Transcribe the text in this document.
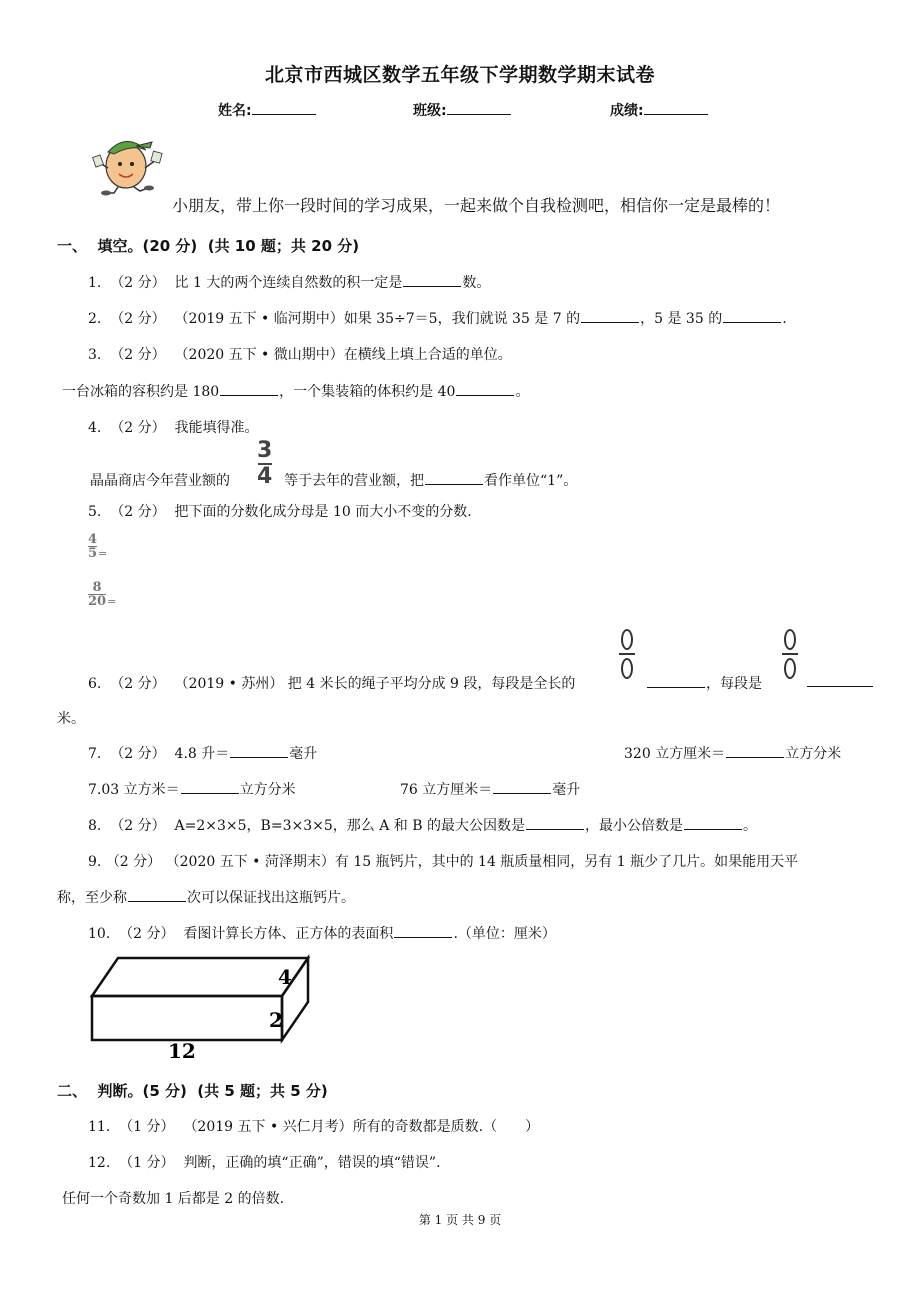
北京市西城区数学五年级下学期数学期末试卷
姓名:	班级:	成绩:
小朋友，带上你一段时间的学习成果，一起来做个自我检测吧，相信你一定是最棒的！
一、 填空。(20 分) (共 10 题；共 20 分)
1. （2 分） 比 1 大的两个连续自然数的积一定是	数。
2. （2 分） （2019 五下 • 临河期中）如果 35÷7＝5，我们就说 35 是 7 的	，5 是 35 的	.
3. （2 分） （2020 五下 • 微山期中）在横线上填上合适的单位。
一台冰箱的容积约是 180	，一个集装箱的体积约是 40	。
4. （2 分） 我能填得准。
晶晶商店今年营业额的
3
4 等于去年的营业额，把	看作单位“1”。
5. （2 分） 把下面的分数化成分母是 10 而大小不变的分数.
$\frac{4}{5}$ =
$\frac{8}{20}$ =
6. （2 分） （2019 • 苏州） 把 4 米长的绳子平均分成 9 段，每段是全长的	，每段是
米。
7. （2 分） 4.8 升＝	毫升	320 立方厘米＝	立方分米
7.03 立方米＝	立方分米	76 立方厘米＝	毫升
8. （2 分） A=2×3×5，B=3×3×5，那么 A 和 B 的最大公因数是	，最小公倍数是	。
9. （2 分） （2020 五下 • 菏泽期末）有 15 瓶钙片，其中的 14 瓶质量相同，另有 1 瓶少了几片。如果能用天平
称，至少称	次可以保证找出这瓶钙片。
10. （2 分） 看图计算长方体、正方体的表面积	.（单位：厘米）
4
2
12
二、 判断。(5 分) (共 5 题；共 5 分)
11. （1 分） （2019 五下 • 兴仁月考）所有的奇数都是质数.（　　）
12. （1 分） 判断，正确的填“正确”，错误的填“错误”.
任何一个奇数加 1 后都是 2 的倍数.
第 1 页 共 9 页
